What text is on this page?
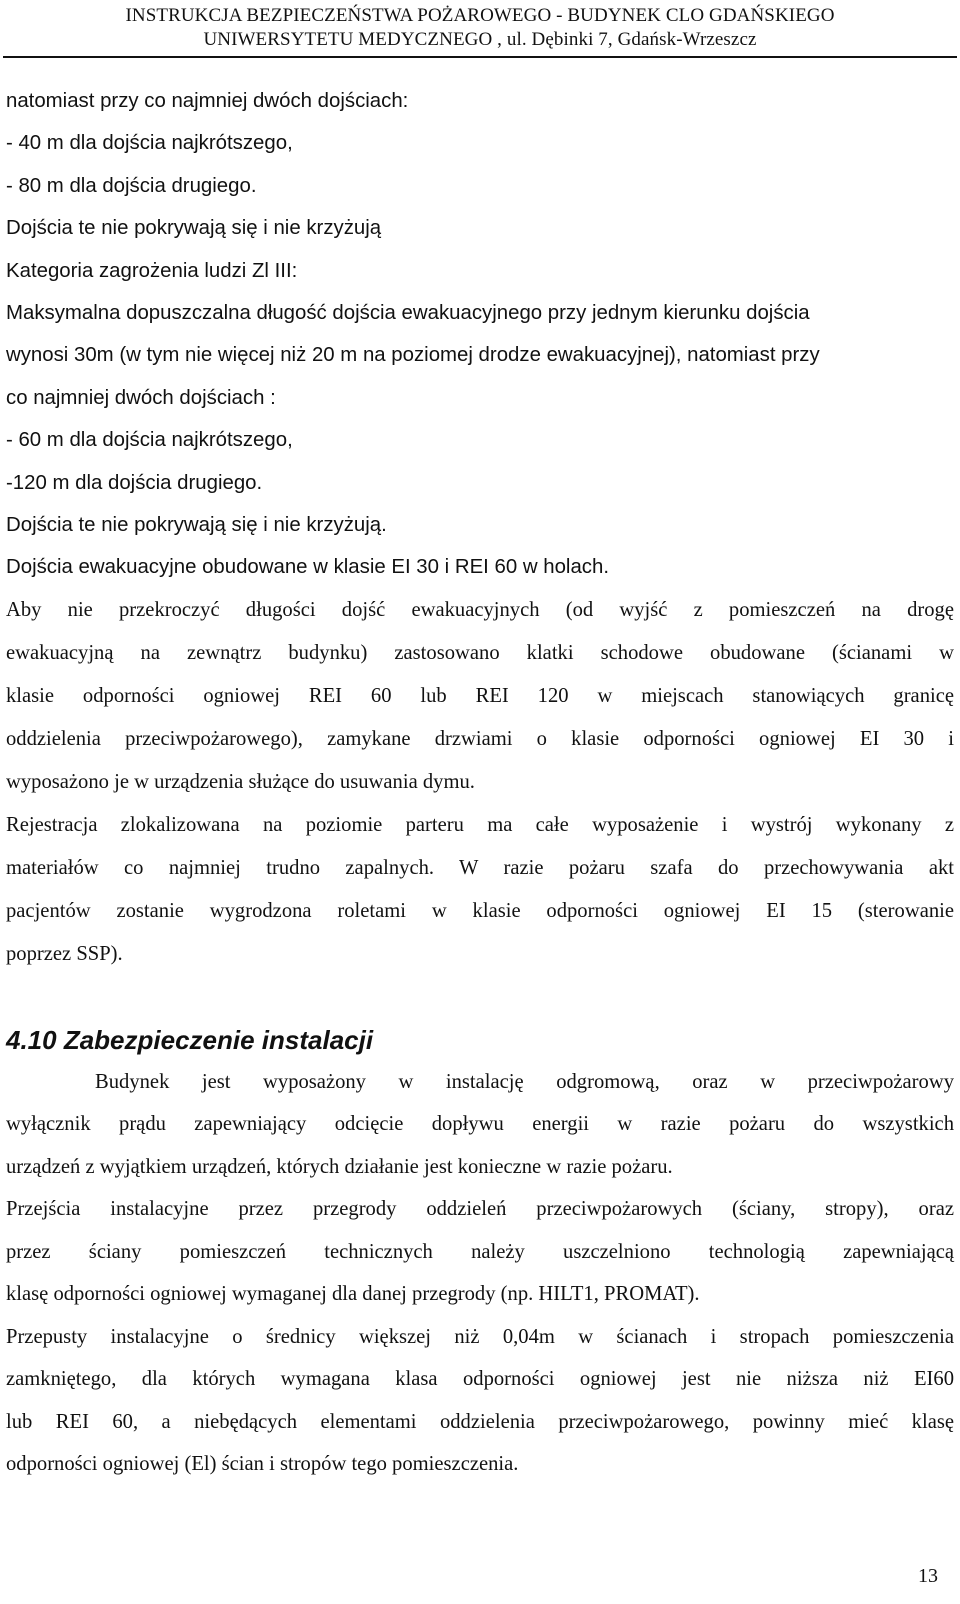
INSTRUKCJA BEZPIECZEŃSTWA POŻAROWEGO - BUDYNEK CLO GDAŃSKIEGO
UNIWERSYTETU MEDYCZNEGO , ul. Dębinki 7, Gdańsk-Wrzeszcz
natomiast przy co najmniej dwóch dojściach:
- 40 m dla dojścia najkrótszego,
- 80 m dla dojścia drugiego.
Dojścia te nie pokrywają się i nie krzyżują
Kategoria zagrożenia ludzi Zl III:
Maksymalna dopuszczalna długość dojścia ewakuacyjnego przy jednym kierunku dojścia
wynosi 30m (w tym nie więcej niż 20 m na poziomej drodze ewakuacyjnej), natomiast przy
co najmniej dwóch dojściach :
- 60 m dla dojścia najkrótszego,
-120 m dla dojścia drugiego.
Dojścia te nie pokrywają się i nie krzyżują.
Dojścia ewakuacyjne obudowane w klasie EI 30 i REI 60 w holach.
Aby nie przekroczyć długości dojść ewakuacyjnych (od wyjść z pomieszczeń na drogę
ewakuacyjną na zewnątrz budynku) zastosowano klatki schodowe obudowane (ścianami w
klasie odporności ogniowej REI 60 lub REI 120 w miejscach stanowiących granicę
oddzielenia przeciwpożarowego), zamykane drzwiami o klasie odporności ogniowej EI 30 i
wyposażono je w urządzenia służące do usuwania dymu.
Rejestracja zlokalizowana na poziomie parteru ma całe wyposażenie i wystrój wykonany z
materiałów co najmniej trudno zapalnych. W razie pożaru szafa do przechowywania akt
pacjentów zostanie wygrodzona roletami w klasie odporności ogniowej EI 15 (sterowanie
poprzez SSP).
4.10 Zabezpieczenie instalacji
Budynek jest wyposażony w instalację odgromową, oraz w przeciwpożarowy
wyłącznik prądu zapewniający odcięcie dopływu energii w razie pożaru do wszystkich
urządzeń z wyjątkiem urządzeń, których działanie jest konieczne w razie pożaru.
Przejścia instalacyjne przez przegrody oddzieleń przeciwpożarowych (ściany, stropy), oraz
przez ściany pomieszczeń technicznych należy uszczelniono technologią zapewniającą
klasę odporności ogniowej wymaganej dla danej przegrody (np. HILT1, PROMAT).
Przepusty instalacyjne o średnicy większej niż 0,04m w ścianach i stropach pomieszczenia
zamkniętego, dla których wymagana klasa odporności ogniowej jest nie niższa niż EI60
lub REI 60, a niebędących elementami oddzielenia przeciwpożarowego, powinny mieć klasę
odporności ogniowej (El) ścian i stropów tego pomieszczenia.
13
